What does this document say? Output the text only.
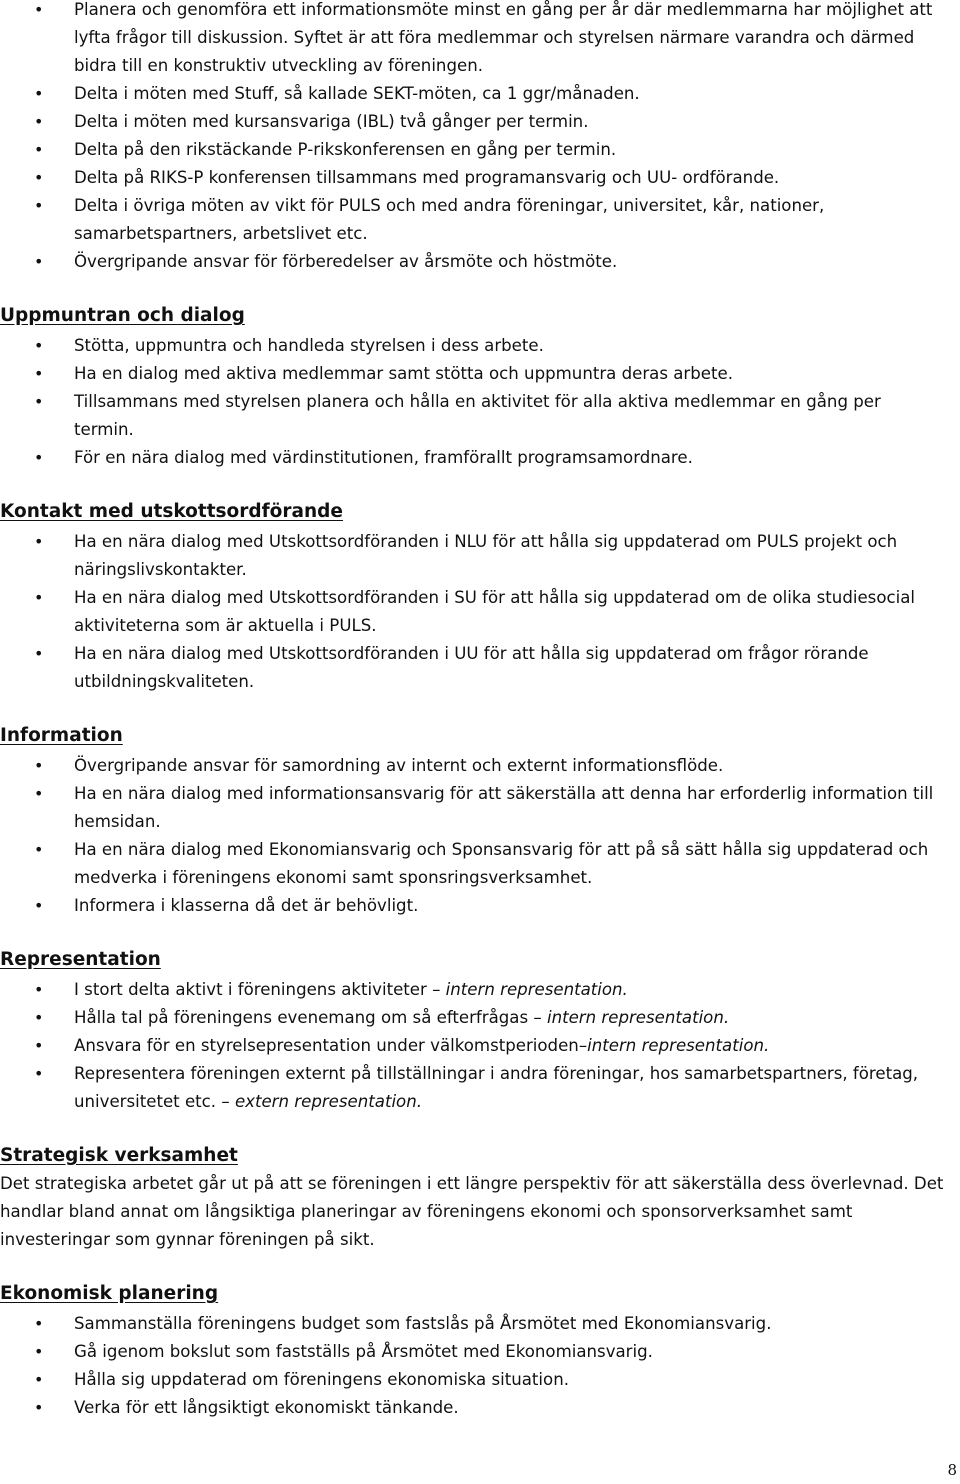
• Planera och genomföra ett informationsmöte minst en gång per år där medlemmarna har möjlighet att lyfta frågor till diskussion. Syftet är att föra medlemmar och styrelsen närmare varandra och därmed bidra till en konstruktiv utveckling av föreningen.
• Delta i möten med Stuff, så kallade SEKT-möten, ca 1 ggr/månaden.
• Delta i möten med kursansvariga (IBL) två gånger per termin.
• Delta på den rikstäckande P-rikskonferensen en gång per termin.
• Delta på RIKS-P konferensen tillsammans med programansvarig och UU- ordförande.
• Delta i övriga möten av vikt för PULS och med andra föreningar, universitet, kår, nationer, samarbetspartners, arbetslivet etc.
• Övergripande ansvar för förberedelser av årsmöte och höstmöte.
Uppmuntran och dialog
• Stötta, uppmuntra och handleda styrelsen i dess arbete.
• Ha en dialog med aktiva medlemmar samt stötta och uppmuntra deras arbete.
• Tillsammans med styrelsen planera och hålla en aktivitet för alla aktiva medlemmar en gång per termin.
• För en nära dialog med värdinstitutionen, framförallt programsamordnare.
Kontakt med utskottsordförande
• Ha en nära dialog med Utskottsordföranden i NLU för att hålla sig uppdaterad om PULS projekt och näringslivskontakter.
• Ha en nära dialog med Utskottsordföranden i SU för att hålla sig uppdaterad om de olika studiesocial aktiviteterna som är aktuella i PULS.
• Ha en nära dialog med Utskottsordföranden i UU för att hålla sig uppdaterad om frågor rörande utbildningskvaliteten.
Information
• Övergripande ansvar för samordning av internt och externt informationsflöde.
• Ha en nära dialog med informationsansvarig för att säkerställa att denna har erforderlig information till hemsidan.
• Ha en nära dialog med Ekonomiansvarig och Sponsansvarig för att på så sätt hålla sig uppdaterad och medverka i föreningens ekonomi samt sponsringsverksamhet.
• Informera i klasserna då det är behövligt.
Representation
• I stort delta aktivt i föreningens aktiviteter – intern representation.
• Hålla tal på föreningens evenemang om så efterfrågas – intern representation.
• Ansvara för en styrelsepresentation under välkomstperioden–intern representation.
• Representera föreningen externt på tillställningar i andra föreningar, hos samarbetspartners, företag, universitetet etc. – extern representation.
Strategisk verksamhet

Det strategiska arbetet går ut på att se föreningen i ett längre perspektiv för att säkerställa dess överlevnad. Det handlar bland annat om långsiktiga planeringar av föreningens ekonomi och sponsorverksamhet samt investeringar som gynnar föreningen på sikt.

Ekonomisk planering
• Sammanställa föreningens budget som fastslås på Årsmötet med Ekonomiansvarig.
• Gå igenom bokslut som fastställs på Årsmötet med Ekonomiansvarig.
• Hålla sig uppdaterad om föreningens ekonomiska situation.
• Verka för ett långsiktigt ekonomiskt tänkande.
8
